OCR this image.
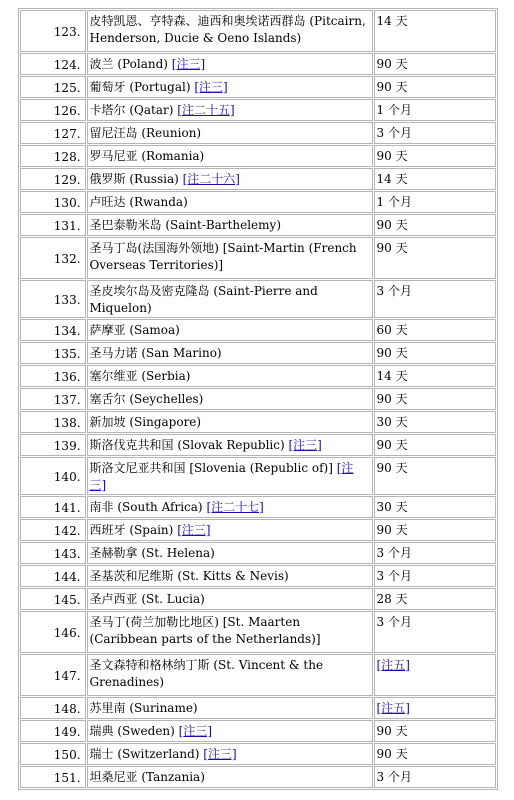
123.	皮特凯恩、亨特森、迪西和奥埃诺西群岛 (Pitcairn, Henderson, Ducie & Oeno Islands)	14 天
124.	波兰 (Poland) [注三]	90 天
125.	葡萄牙 (Portugal) [注三]	90 天
126.	卡塔尔 (Qatar) [注二十五]	1 个月
127.	留尼汪岛 (Reunion)	3 个月
128.	罗马尼亚 (Romania)	90 天
129.	俄罗斯 (Russia) [注二十六]	14 天
130.	卢旺达 (Rwanda)	1 个月
131.	圣巴泰勒米岛 (Saint-Barthelemy)	90 天
132.	圣马丁岛(法国海外领地) [Saint-Martin (French Overseas Territories)]	90 天
133.	圣皮埃尔岛及密克隆岛 (Saint-Pierre and Miquelon)	3 个月
134.	萨摩亚 (Samoa)	60 天
135.	圣马力诺 (San Marino)	90 天
136.	塞尔维亚 (Serbia)	14 天
137.	塞舌尔 (Seychelles)	90 天
138.	新加坡 (Singapore)	30 天
139.	斯洛伐克共和国 (Slovak Republic) [注三]	90 天
140.	斯洛文尼亚共和国 [Slovenia (Republic of)] [注三]	90 天
141.	南非 (South Africa) [注二十七]	30 天
142.	西班牙 (Spain) [注三]	90 天
143.	圣赫勒拿 (St. Helena)	3 个月
144.	圣基茨和尼维斯 (St. Kitts & Nevis)	3 个月
145.	圣卢西亚 (St. Lucia)	28 天
146.	圣马丁(荷兰加勒比地区) [St. Maarten (Caribbean parts of the Netherlands)]	3 个月
147.	圣文森特和格林纳丁斯 (St. Vincent & the Grenadines)	[注五]
148.	苏里南 (Suriname)	[注五]
149.	瑞典 (Sweden) [注三]	90 天
150.	瑞士 (Switzerland) [注三]	90 天
151.	坦桑尼亚 (Tanzania)	3 个月
